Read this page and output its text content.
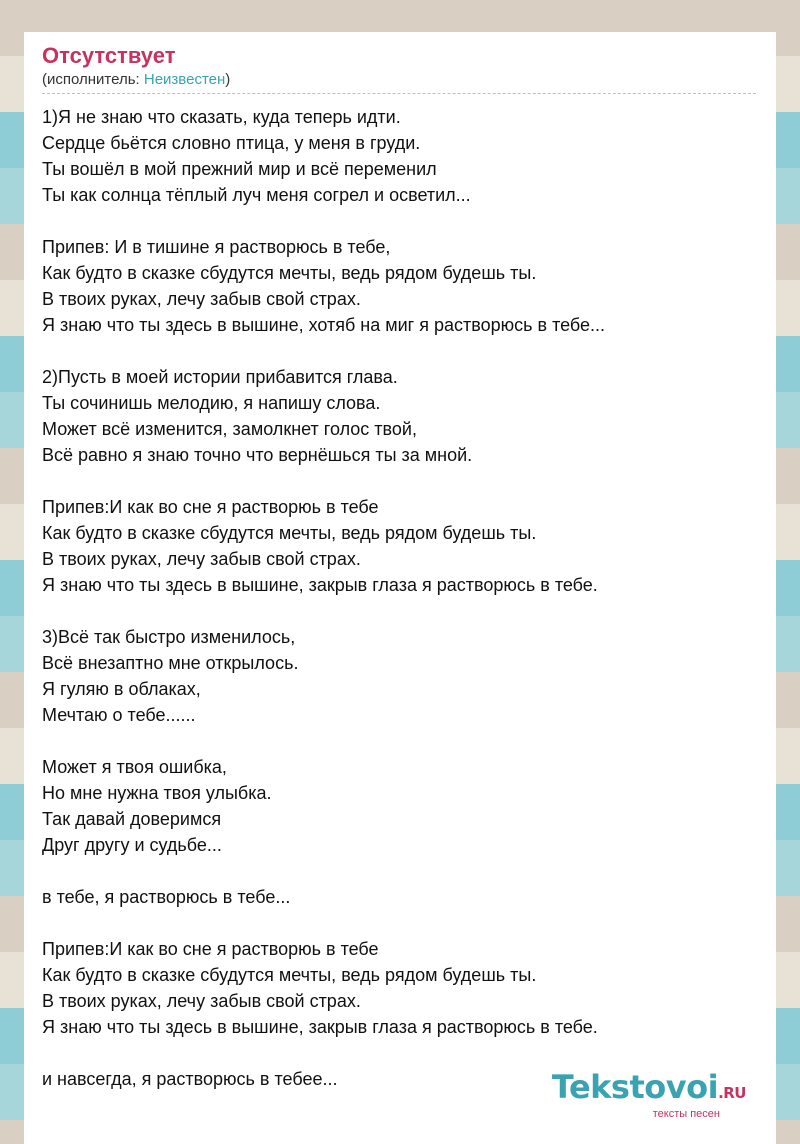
Отсутствует
(исполнитель: Неизвестен)
1)Я не знаю что сказать, куда теперь идти.
Сердце бьётся словно птица, у меня в груди.
Ты вошёл в мой прежний мир и всё переменил
Ты как солнца тёплый луч меня согрел и осветил...
Припев: И в тишине я растворюсь в тебе,
Как будто в сказке сбудутся мечты, ведь рядом будешь ты.
В твоих руках, лечу забыв свой страх.
Я знаю что ты здесь в вышине, хотяб на миг я растворюсь в тебе...
2)Пусть в моей истории прибавится глава.
Ты сочинишь мелодию, я напишу слова.
Может всё изменится, замолкнет голос твой,
Всё равно я знаю точно что вернёшься ты за мной.
Припев:И как во сне я растворюь в тебе
Как будто в сказке сбудутся мечты, ведь рядом будешь ты.
В твоих руках, лечу забыв свой страх.
Я знаю что ты здесь в вышине, закрыв глаза я растворюсь в тебе.
3)Всё так быстро изменилось,
Всё внезаптно мне открылось.
Я гуляю в облаках,
Мечтаю о тебе......
Может я твоя ошибка,
Но мне нужна твоя улыбка.
Так давай доверимся
Друг другу и судьбе...
в тебе, я растворюсь в тебе...
Припев:И как во сне я растворюь в тебе
Как будто в сказке сбудутся мечты, ведь рядом будешь ты.
В твоих руках, лечу забыв свой страх.
Я знаю что ты здесь в вышине, закрыв глаза я растворюсь в тебе.
и навсегда, я растворюсь в тебее...	Tekstovoi.RU
тексты песен
